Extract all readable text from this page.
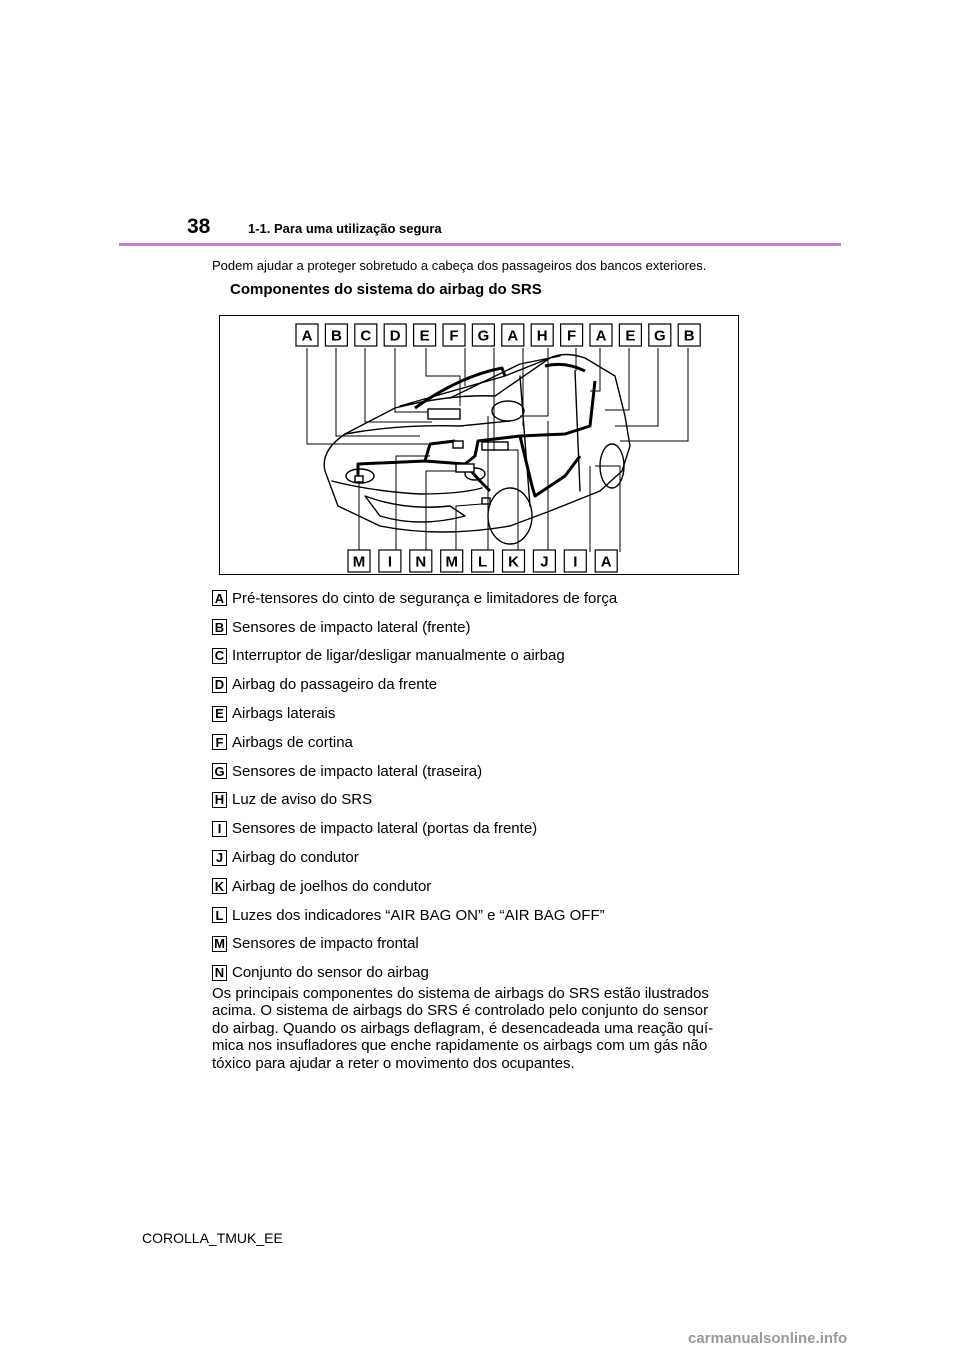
38	1-1. Para uma utilização segura
Podem ajudar a proteger sobretudo a cabeça dos passageiros dos bancos exteriores.
Componentes do sistema do airbag do SRS
A B C D E F G A H F A E G B
M I N M L K J I A
A Pré-tensores do cinto de segurança e limitadores de força
B Sensores de impacto lateral (frente)
C Interruptor de ligar/desligar manualmente o airbag
D Airbag do passageiro da frente
E Airbags laterais
F Airbags de cortina
G Sensores de impacto lateral (traseira)
H Luz de aviso do SRS
I Sensores de impacto lateral (portas da frente)
J Airbag do condutor
K Airbag de joelhos do condutor
L Luzes dos indicadores “AIR BAG ON” e “AIR BAG OFF”
M Sensores de impacto frontal
N Conjunto do sensor do airbag
Os principais componentes do sistema de airbags do SRS estão ilustrados
acima. O sistema de airbags do SRS é controlado pelo conjunto do sensor
do airbag. Quando os airbags deflagram, é desencadeada uma reação quí-
mica nos insufladores que enche rapidamente os airbags com um gás não
tóxico para ajudar a reter o movimento dos ocupantes.
COROLLA_TMUK_EE
carmanualsonline.info
